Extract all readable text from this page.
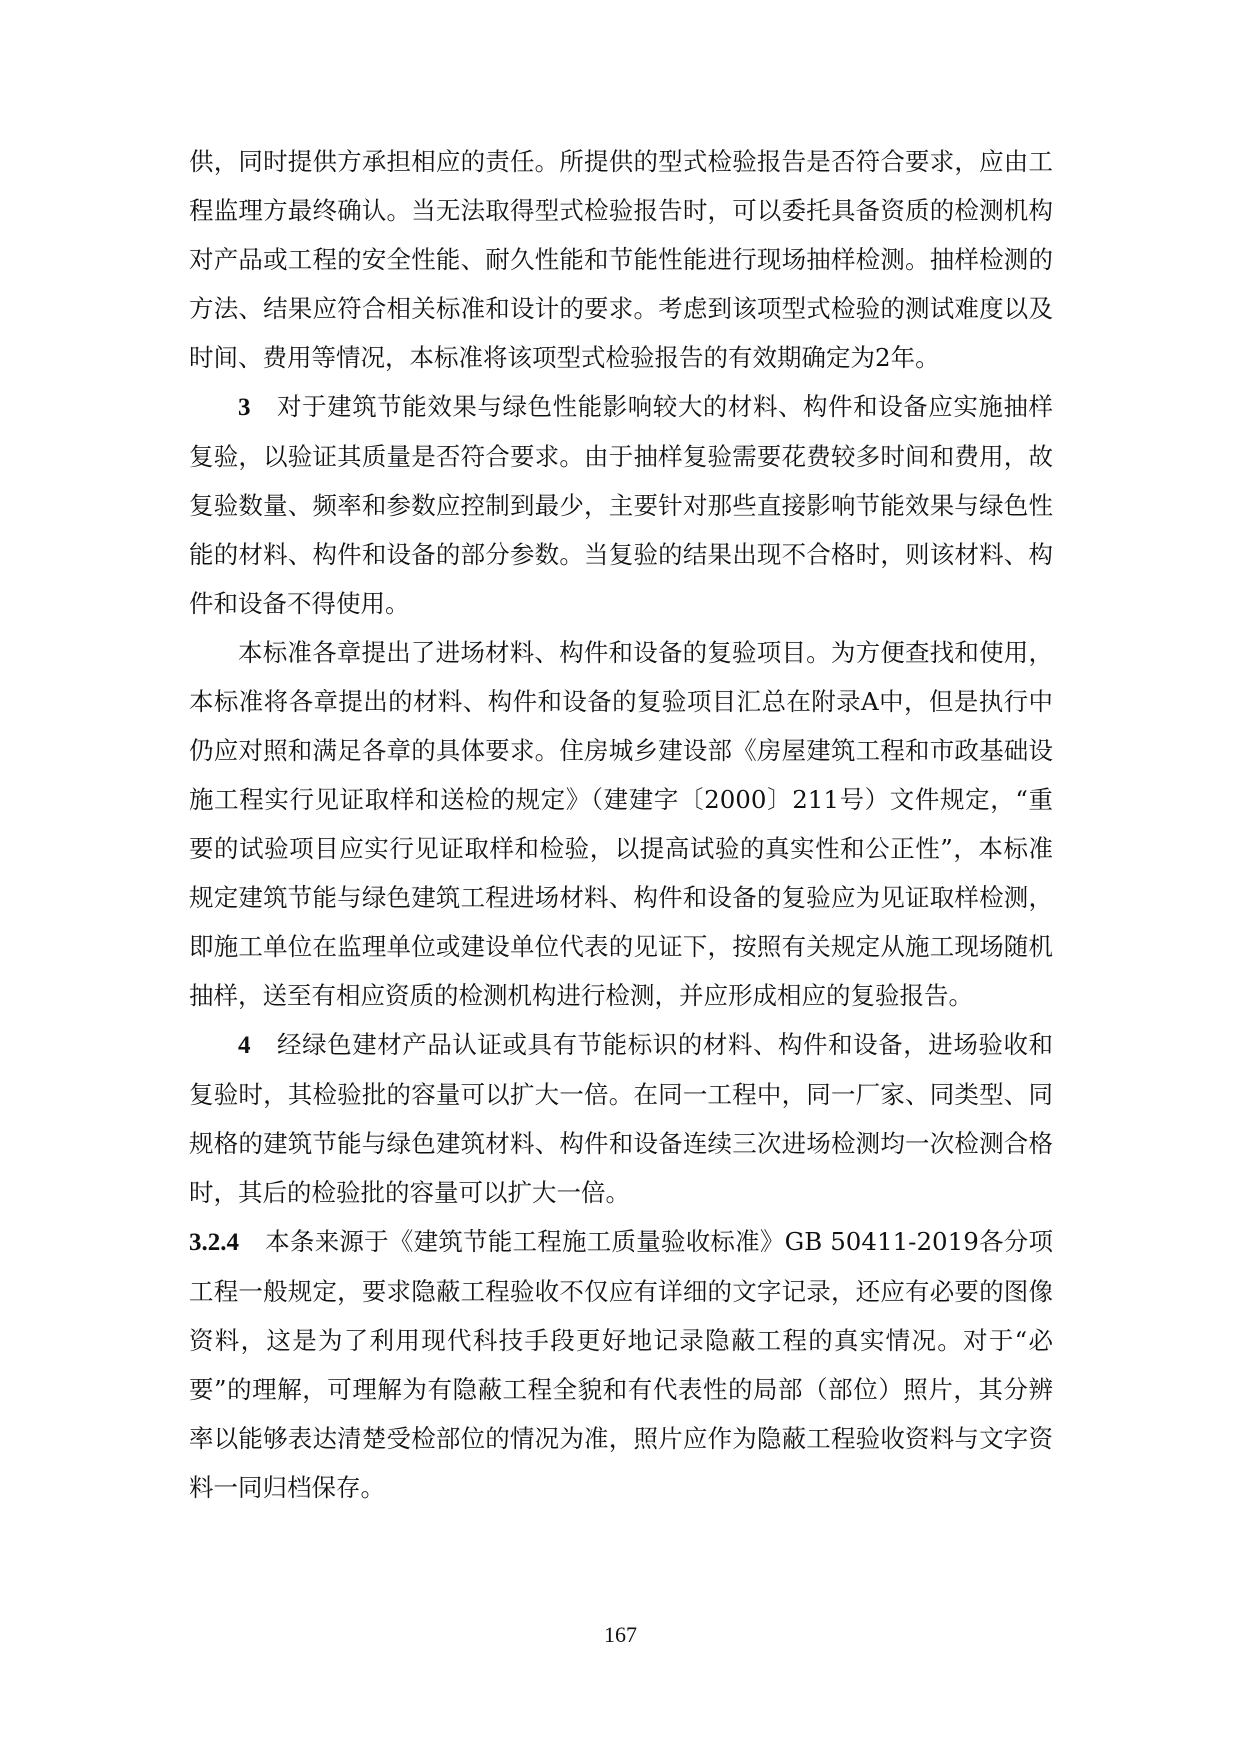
供，同时提供方承担相应的责任。所提供的型式检验报告是否符合要求，应由工程监理方最终确认。当无法取得型式检验报告时，可以委托具备资质的检测机构对产品或工程的安全性能、耐久性能和节能性能进行现场抽样检测。抽样检测的方法、结果应符合相关标准和设计的要求。考虑到该项型式检验的测试难度以及时间、费用等情况，本标准将该项型式检验报告的有效期确定为2年。

3 对于建筑节能效果与绿色性能影响较大的材料、构件和设备应实施抽样复验，以验证其质量是否符合要求。由于抽样复验需要花费较多时间和费用，故复验数量、频率和参数应控制到最少，主要针对那些直接影响节能效果与绿色性能的材料、构件和设备的部分参数。当复验的结果出现不合格时，则该材料、构件和设备不得使用。

本标准各章提出了进场材料、构件和设备的复验项目。为方便查找和使用，本标准将各章提出的材料、构件和设备的复验项目汇总在附录A中，但是执行中仍应对照和满足各章的具体要求。住房城乡建设部《房屋建筑工程和市政基础设施工程实行见证取样和送检的规定》（建建字〔2000〕211号）文件规定，“重要的试验项目应实行见证取样和检验，以提高试验的真实性和公正性”，本标准规定建筑节能与绿色建筑工程进场材料、构件和设备的复验应为见证取样检测，即施工单位在监理单位或建设单位代表的见证下，按照有关规定从施工现场随机抽样，送至有相应资质的检测机构进行检测，并应形成相应的复验报告。

4 经绿色建材产品认证或具有节能标识的材料、构件和设备，进场验收和复验时，其检验批的容量可以扩大一倍。在同一工程中，同一厂家、同类型、同规格的建筑节能与绿色建筑材料、构件和设备连续三次进场检测均一次检测合格时，其后的检验批的容量可以扩大一倍。

3.2.4 本条来源于《建筑节能工程施工质量验收标准》GB 50411-2019各分项工程一般规定，要求隐蔽工程验收不仅应有详细的文字记录，还应有必要的图像资料，这是为了利用现代科技手段更好地记录隐蔽工程的真实情况。对于“必要”的理解，可理解为有隐蔽工程全貌和有代表性的局部（部位）照片，其分辨率以能够表达清楚受检部位的情况为准，照片应作为隐蔽工程验收资料与文字资料一同归档保存。

167
